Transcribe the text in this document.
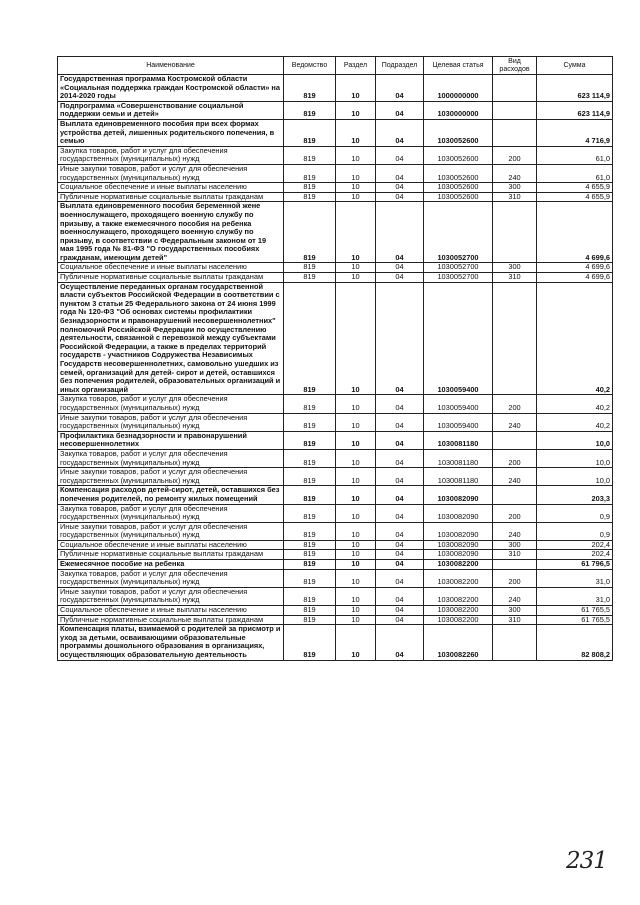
Наименование	Ведомство	Раздел	Подраздел	Целевая статья	Вид расходов	Сумма
Государственная программа Костромской области «Социальная поддержка граждан Костромской области» на 2014-2020 годы	819	10	04	1000000000		623 114,9
Подпрограмма «Совершенствование социальной поддержки семьи и детей»	819	10	04	1030000000		623 114,9
Выплата единовременного пособия при всех формах устройства детей, лишенных родительского попечения, в семью	819	10	04	1030052600		4 716,9
Закупка товаров, работ и услуг для обеспечения государственных (муниципальных) нужд	819	10	04	1030052600	200	61,0
Иные закупки товаров, работ и услуг для обеспечения государственных (муниципальных) нужд	819	10	04	1030052600	240	61,0
Социальное обеспечение и иные выплаты населению	819	10	04	1030052600	300	4 655,9
Публичные нормативные социальные выплаты гражданам	819	10	04	1030052600	310	4 655,9
Выплата единовременного пособия беременной жене военнослужащего, проходящего военную службу по призыву, а также ежемесячного пособия на ребенка военнослужащего, проходящего военную службу по призыву, в соответствии с Федеральным законом от 19 мая 1995 года № 81-ФЗ "О государственных пособиях гражданам, имеющим детей"	819	10	04	1030052700		4 699,6
Социальное обеспечение и иные выплаты населению	819	10	04	1030052700	300	4 699,6
Публичные нормативные социальные выплаты гражданам	819	10	04	1030052700	310	4 699,6
Осуществление переданных органам государственной власти субъектов Российской Федерации в соответствии с пунктом 3 статьи 25 Федерального закона от 24 июня 1999 года № 120-ФЗ "Об основах системы профилактики безнадзорности и правонарушений несовершеннолетних" полномочий Российской Федерации по осуществлению деятельности, связанной с перевозкой между субъектами Российской Федерации, а также в пределах территорий государств - участников Содружества Независимых Государств несовершеннолетних, самовольно ушедших из семей, организаций для детей- сирот и детей, оставшихся без попечения родителей, образовательных организаций и иных организаций	819	10	04	1030059400		40,2
Закупка товаров, работ и услуг для обеспечения государственных (муниципальных) нужд	819	10	04	1030059400	200	40,2
Иные закупки товаров, работ и услуг для обеспечения государственных (муниципальных) нужд	819	10	04	1030059400	240	40,2
Профилактика безнадзорности и правонарушений несовершеннолетних	819	10	04	1030081180		10,0
Закупка товаров, работ и услуг для обеспечения государственных (муниципальных) нужд	819	10	04	1030081180	200	10,0
Иные закупки товаров, работ и услуг для обеспечения государственных (муниципальных) нужд	819	10	04	1030081180	240	10,0
Компенсация расходов детей-сирот, детей, оставшихся без попечения родителей, по ремонту жилых помещений	819	10	04	1030082090		203,3
Закупка товаров, работ и услуг для обеспечения государственных (муниципальных) нужд	819	10	04	1030082090	200	0,9
Иные закупки товаров, работ и услуг для обеспечения государственных (муниципальных) нужд	819	10	04	1030082090	240	0,9
Социальное обеспечение и иные выплаты населению	819	10	04	1030082090	300	202,4
Публичные нормативные социальные выплаты гражданам	819	10	04	1030082090	310	202,4
Ежемесячное пособие на ребенка	819	10	04	1030082200		61 796,5
Закупка товаров, работ и услуг для обеспечения государственных (муниципальных) нужд	819	10	04	1030082200	200	31,0
Иные закупки товаров, работ и услуг для обеспечения государственных (муниципальных) нужд	819	10	04	1030082200	240	31,0
Социальное обеспечение и иные выплаты населению	819	10	04	1030082200	300	61 765,5
Публичные нормативные социальные выплаты гражданам	819	10	04	1030082200	310	61 765,5
Компенсация платы, взимаемой с родителей за присмотр и уход за детьми, осваивающими образовательные программы дошкольного образования в организациях, осуществляющих образовательную деятельность	819	10	04	1030082260		82 808,2
231
